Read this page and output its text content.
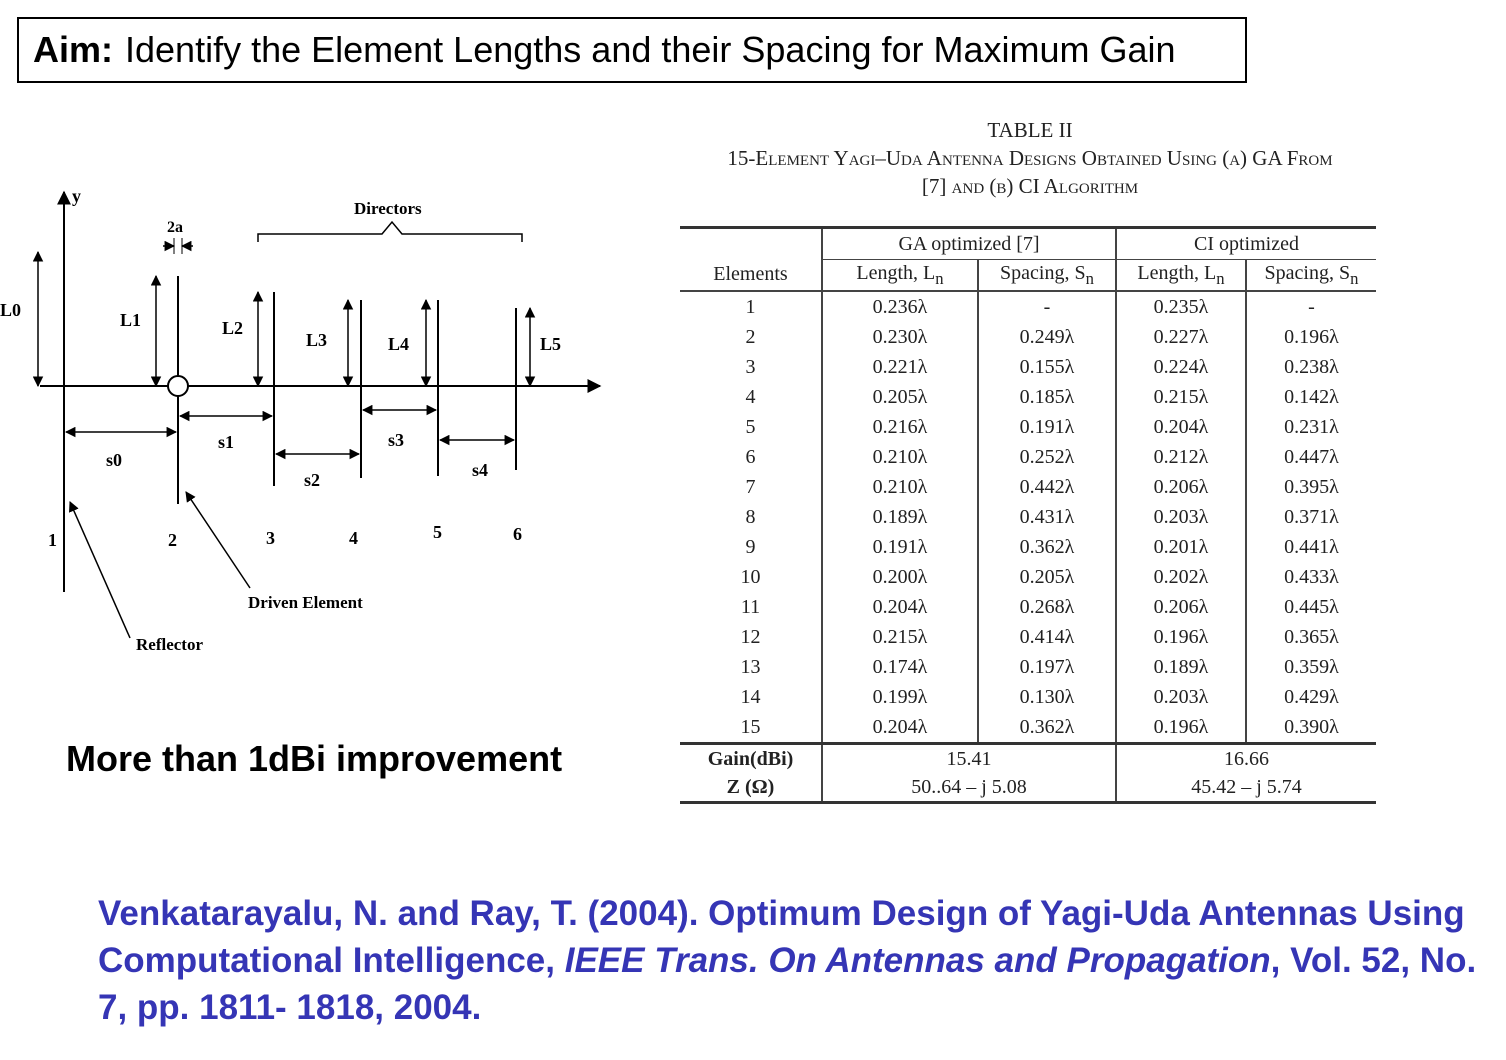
Aim: Identify the Element Lengths and their Spacing for Maximum Gain
y
2a
Directors
L0	L1	L2
L3	L4	L5
s0
s1
s2
s3
s4
1	2	3	4	5	6
Driven Element
Reflector
More than 1dBi improvement
TABLE II
15-Element Yagi–Uda Antenna Designs Obtained Using (a) GA From
[7] and (b) CI Algorithm
	GA optimized [7]		CI optimized	
Elements	Length, $L_n$	Spacing, $S_n$	Length, $L_n$	Spacing, $S_n$
1	0.236λ	-	0.235λ	-
2	0.230λ	0.249λ	0.227λ	0.196λ
3	0.221λ	0.155λ	0.224λ	0.238λ
4	0.205λ	0.185λ	0.215λ	0.142λ
5	0.216λ	0.191λ	0.204λ	0.231λ
6	0.210λ	0.252λ	0.212λ	0.447λ
7	0.210λ	0.442λ	0.206λ	0.395λ
8	0.189λ	0.431λ	0.203λ	0.371λ
9	0.191λ	0.362λ	0.201λ	0.441λ
10	0.200λ	0.205λ	0.202λ	0.433λ
11	0.204λ	0.268λ	0.206λ	0.445λ
12	0.215λ	0.414λ	0.196λ	0.365λ
13	0.174λ	0.197λ	0.189λ	0.359λ
14	0.199λ	0.130λ	0.203λ	0.429λ
15	0.204λ	0.362λ	0.196λ	0.390λ
Gain(dBi)	15.41		16.66	
Z (Ω)	50..64 – j 5.08		45.42 – j 5.74	
Venkatarayalu, N. and Ray, T. (2004). Optimum Design of Yagi-Uda Antennas Using Computational Intelligence, IEEE Trans. On Antennas and Propagation, Vol. 52, No. 7, pp. 1811- 1818, 2004.
